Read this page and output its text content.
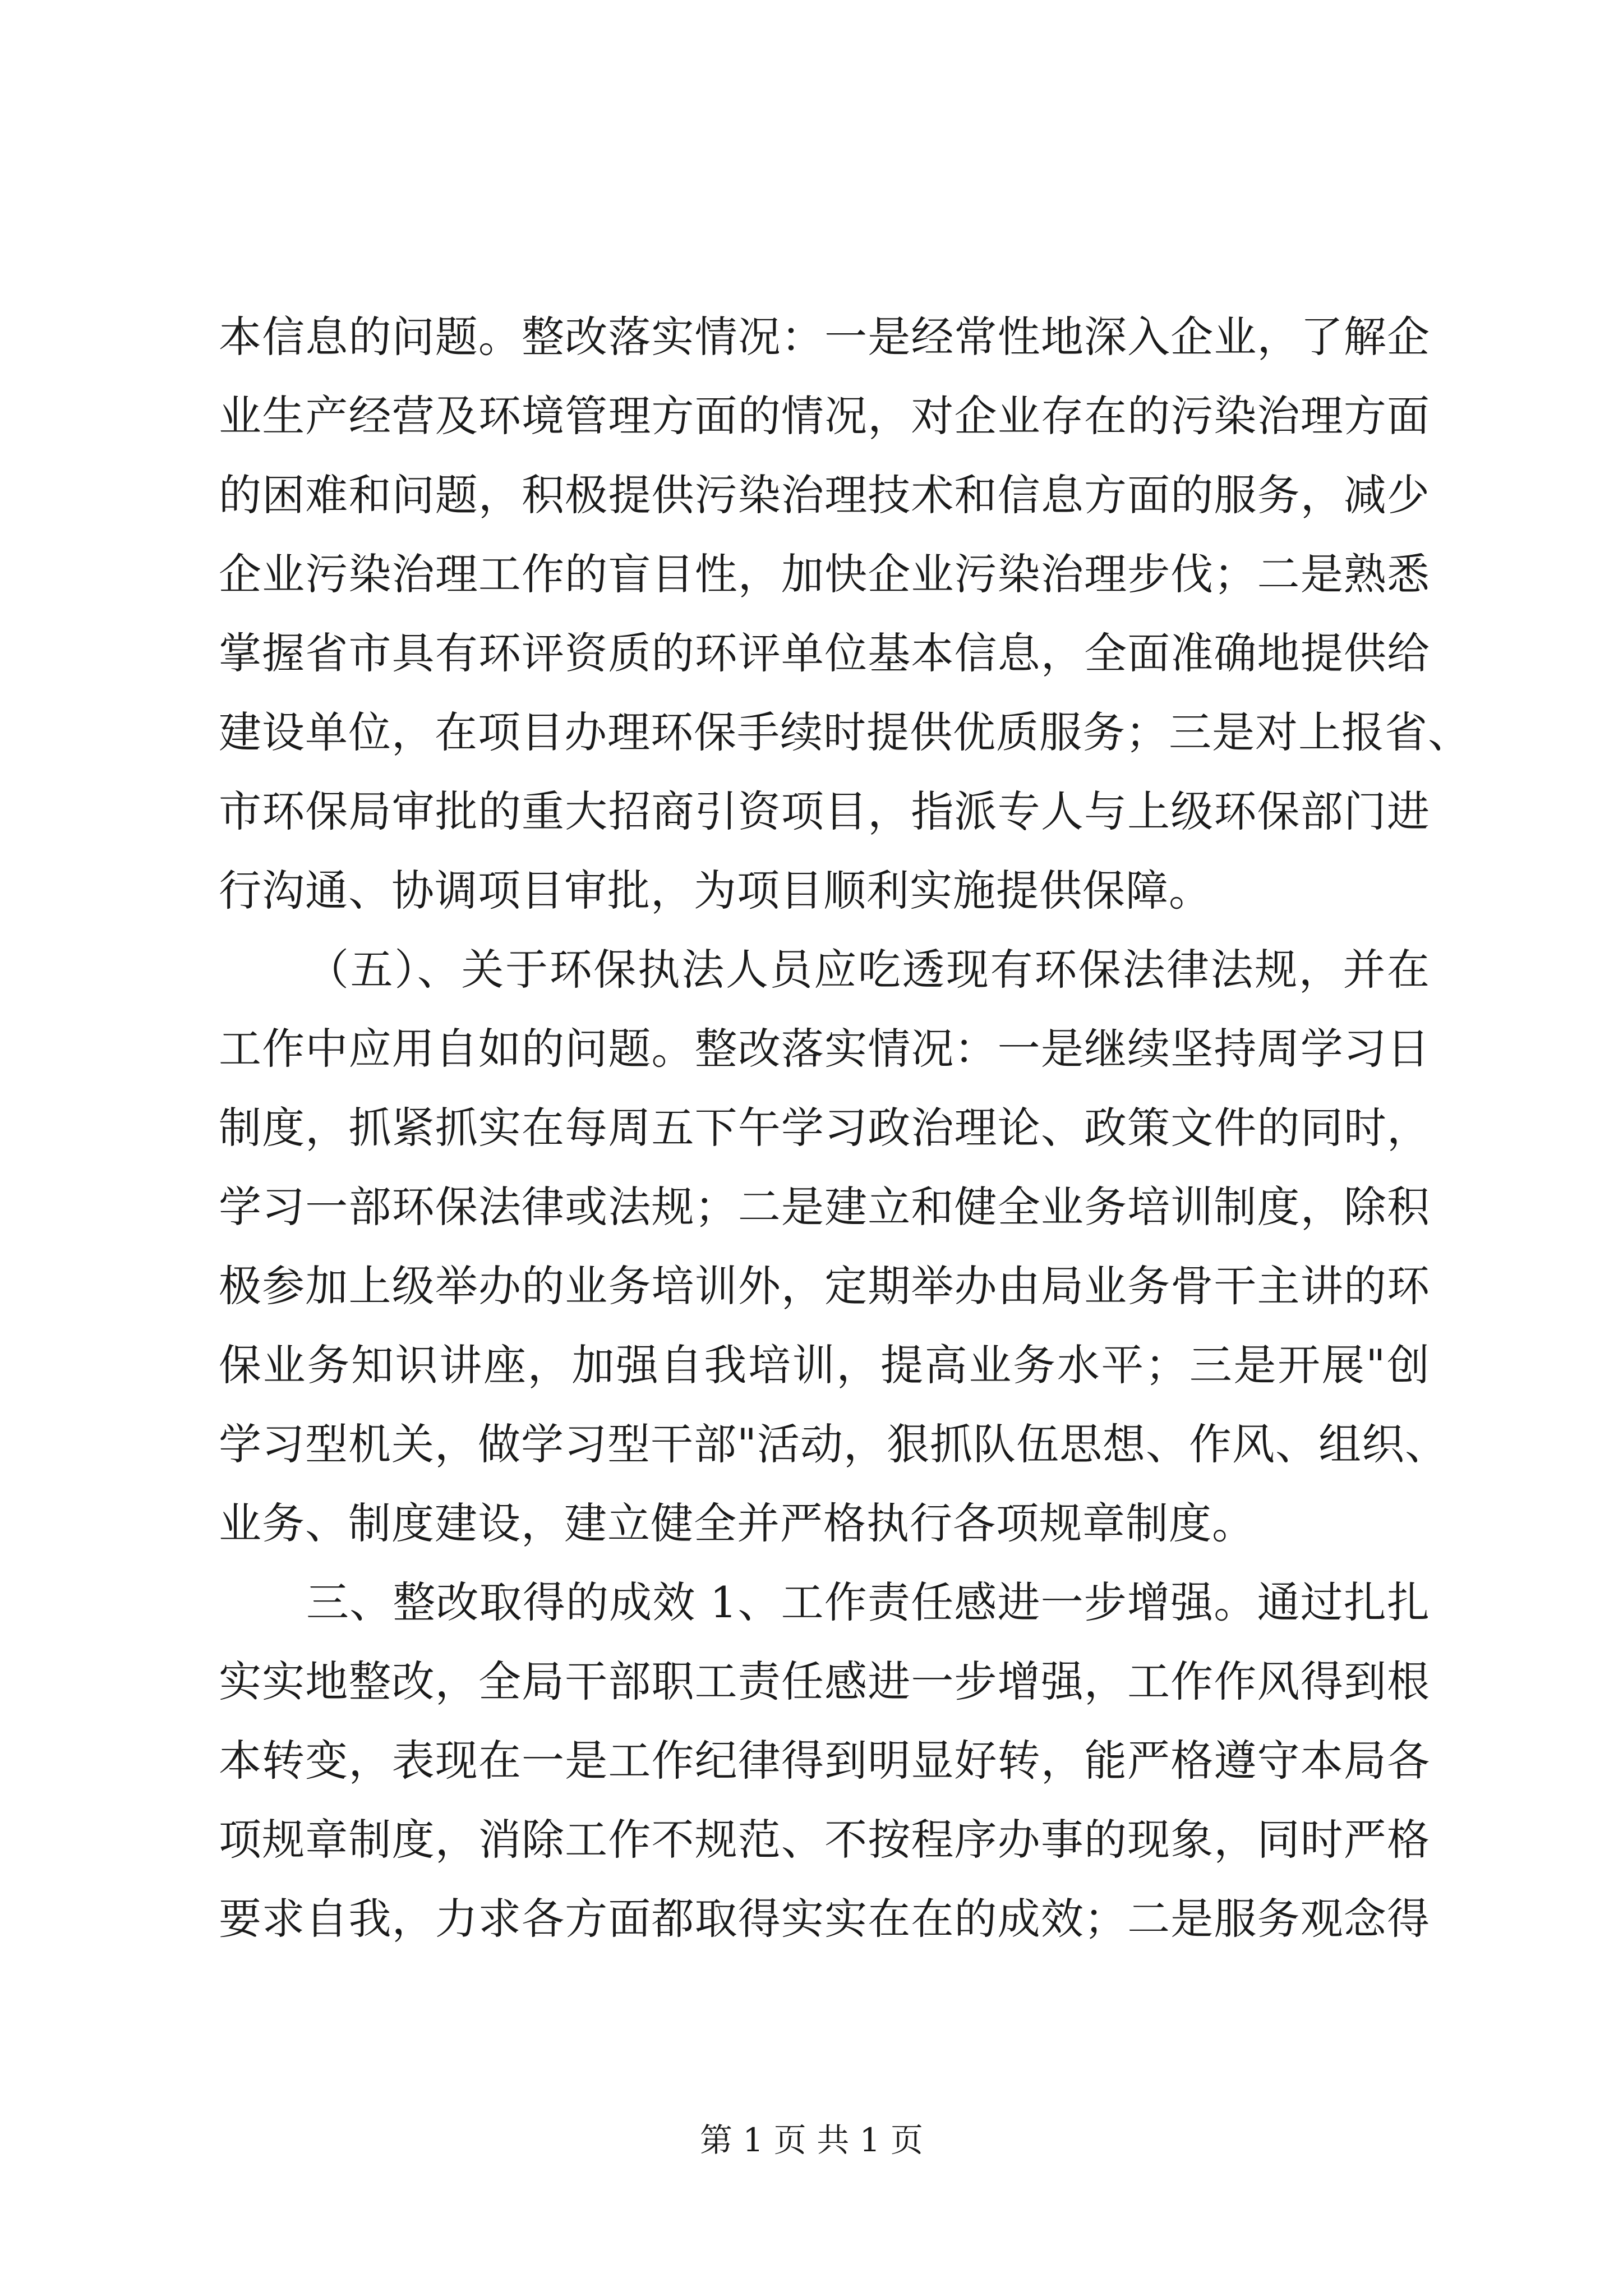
本信息的问题。整改落实情况：一是经常性地深入企业，了解企
业生产经营及环境管理方面的情况，对企业存在的污染治理方面
的困难和问题，积极提供污染治理技术和信息方面的服务，减少
企业污染治理工作的盲目性，加快企业污染治理步伐；二是熟悉
掌握省市具有环评资质的环评单位基本信息，全面准确地提供给
建设单位，在项目办理环保手续时提供优质服务；三是对上报省、
市环保局审批的重大招商引资项目，指派专人与上级环保部门进
行沟通、协调项目审批，为项目顺利实施提供保障。
（五）、关于环保执法人员应吃透现有环保法律法规，并在
工作中应用自如的问题。整改落实情况：一是继续坚持周学习日
制度，抓紧抓实在每周五下午学习政治理论、政策文件的同时，
学习一部环保法律或法规；二是建立和健全业务培训制度，除积
极参加上级举办的业务培训外，定期举办由局业务骨干主讲的环
保业务知识讲座，加强自我培训，提高业务水平；三是开展"创
学习型机关，做学习型干部"活动，狠抓队伍思想、作风、组织、
业务、制度建设，建立健全并严格执行各项规章制度。
三、整改取得的成效 1、工作责任感进一步增强。通过扎扎
实实地整改，全局干部职工责任感进一步增强，工作作风得到根
本转变，表现在一是工作纪律得到明显好转，能严格遵守本局各
项规章制度，消除工作不规范、不按程序办事的现象，同时严格
要求自我，力求各方面都取得实实在在的成效；二是服务观念得
第 1 页 共 1 页
